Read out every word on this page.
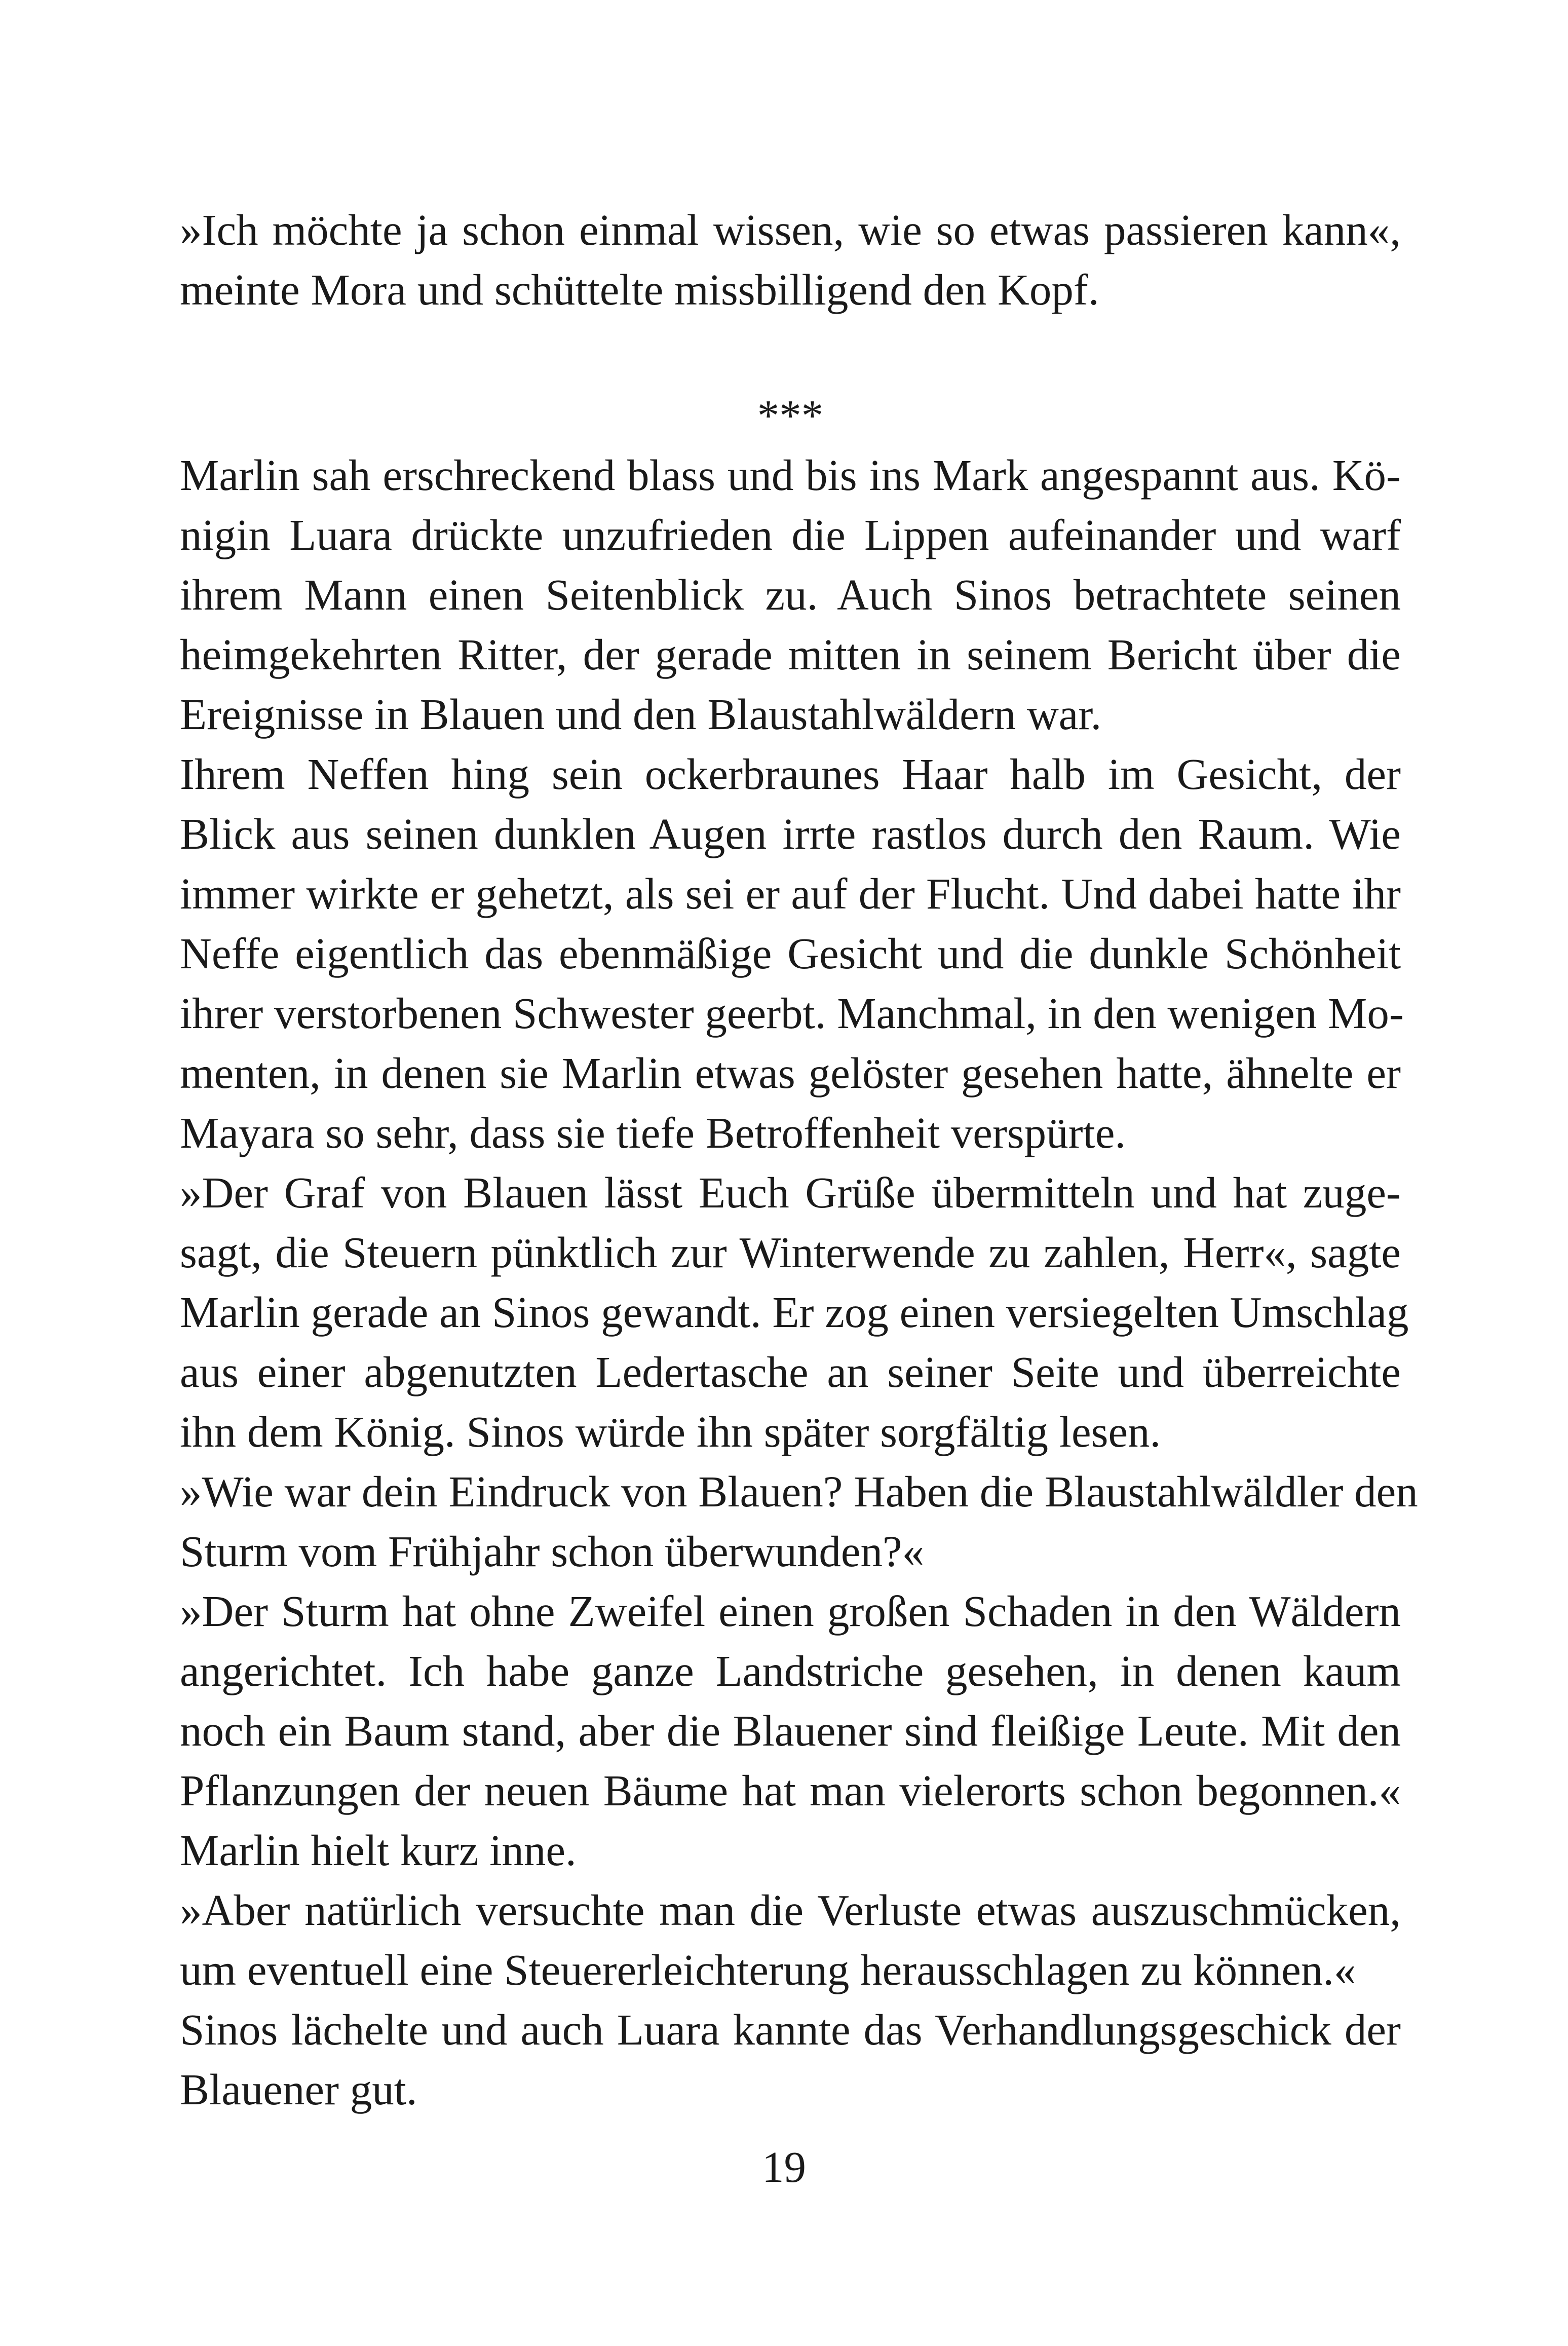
»Ich möchte ja schon einmal wissen, wie so etwas passieren kann«,
meinte Mora und schüttelte missbilligend den Kopf.

***

Marlin sah erschreckend blass und bis ins Mark angespannt aus. Kö-
nigin Luara drückte unzufrieden die Lippen aufeinander und warf
ihrem Mann einen Seitenblick zu. Auch Sinos betrachtete seinen
heimgekehrten Ritter, der gerade mitten in seinem Bericht über die
Ereignisse in Blauen und den Blaustahlwäldern war.

Ihrem Neffen hing sein ockerbraunes Haar halb im Gesicht, der
Blick aus seinen dunklen Augen irrte rastlos durch den Raum. Wie
immer wirkte er gehetzt, als sei er auf der Flucht. Und dabei hatte ihr
Neffe eigentlich das ebenmäßige Gesicht und die dunkle Schönheit
ihrer verstorbenen Schwester geerbt. Manchmal, in den wenigen Mo-
menten, in denen sie Marlin etwas gelöster gesehen hatte, ähnelte er
Mayara so sehr, dass sie tiefe Betroffenheit verspürte.

»Der Graf von Blauen lässt Euch Grüße übermitteln und hat zuge-
sagt, die Steuern pünktlich zur Winterwende zu zahlen, Herr«, sagte
Marlin gerade an Sinos gewandt. Er zog einen versiegelten Umschlag
aus einer abgenutzten Ledertasche an seiner Seite und überreichte
ihn dem König. Sinos würde ihn später sorgfältig lesen.

»Wie war dein Eindruck von Blauen? Haben die Blaustahlwäldler den
Sturm vom Frühjahr schon überwunden?«

»Der Sturm hat ohne Zweifel einen großen Schaden in den Wäldern
angerichtet. Ich habe ganze Landstriche gesehen, in denen kaum
noch ein Baum stand, aber die Blauener sind fleißige Leute. Mit den
Pflanzungen der neuen Bäume hat man vielerorts schon begonnen.«
Marlin hielt kurz inne.

»Aber natürlich versuchte man die Verluste etwas auszuschmücken,
um eventuell eine Steuererleichterung herausschlagen zu können.«

Sinos lächelte und auch Luara kannte das Verhandlungsgeschick der
Blauener gut.

19
